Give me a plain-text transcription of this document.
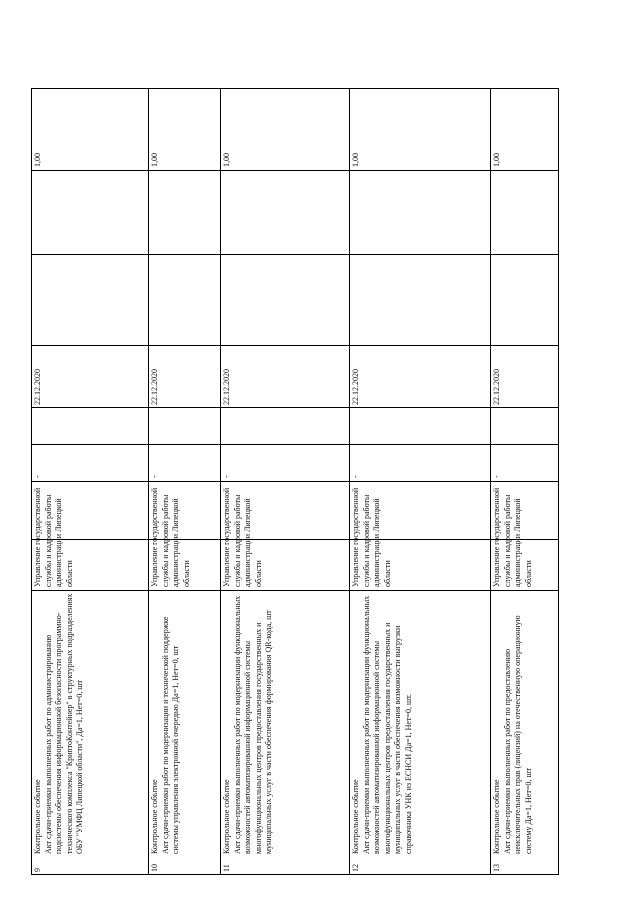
9
Контрольное событие
Акт сдачи-приемки выполненных работ по администрированию подсистемы обеспечения информационной безопасности программно-технического комплекса "КриптоКонтейнер" в структурных подразделениях ОБУ "УМФЦ Липецкой области", Да=1, Нет=0, шт
Управление государственной службы и кадровой работы администрации Липецкой области
-
22.12.2020
1,00
10
Контрольное событие
Акт сдачи-приемки работ по модернизации и технической поддержке системы управления электронной очередью Да=1, Нет=0, шт
Управление государственной службы и кадровой работы администрации Липецкой области
-
22.12.2020
1,00
11
Контрольное событие
Акт сдачи-приемки выполненных работ по модернизации функциональных возможностей автоматизированной информационной системы многофункциональных центров предоставления государственных и муниципальных услуг в части обеспечения формирования QR-кода, шт
Управление государственной службы и кадровой работы администрации Липецкой области
-
22.12.2020
1,00
12
Контрольное событие
Акт сдачи-приемки выполненных работ по модернизации функциональных возможностей автоматизированной информационной системы многофункциональных центров предоставления государственных и муниципальных услуг в части обеспечения возможности выгрузки справочника УНК из ЕСНСИ Да=1, Нет=0, шт.
Управление государственной службы и кадровой работы администрации Липецкой области
-
22.12.2020
1,00
13
Контрольное событие
Акт сдачи-приемки выполненных работ по предоставлению неисключительных прав (лицензий) на отечественную операционную систему Да=1, Нет=0, шт
Управление государственной службы и кадровой работы администрации Липецкой области
-
22.12.2020
1,00
